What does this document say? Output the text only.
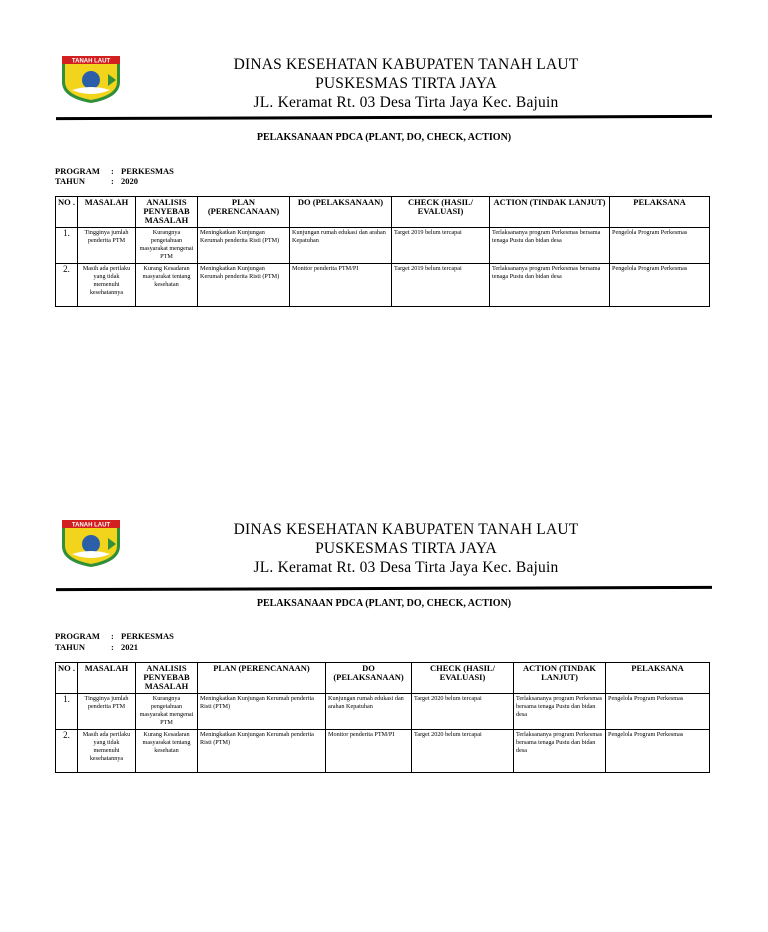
TANAH LAUT	DINAS KESEHATAN KABUPATEN TANAH LAUT
PUSKESMAS TIRTA JAYA
JL. Keramat Rt. 03 Desa Tirta Jaya Kec. Bajuin
PELAKSANAAN PDCA (PLANT, DO, CHECK, ACTION)
PROGRAM : PERKESMAS
TAHUN	: 2020
NO .	MASALAH	ANALISIS PENYEBAB MASALAH	PLAN (PERENCANAAN)	DO (PELAKSANAAN)	CHECK (HASIL/ EVALUASI)	ACTION (TINDAK LANJUT)	PELAKSANA
1.	Tingginya jumlah penderita PTM	Kurangnya pengetahuan masyarakat mengenai PTM	Meningkatkan Kunjungan Kerumah penderita Risti (PTM)	Kunjungan rumah edukasi dan arahan Kepatuhan	Target 2019 belum tercapai	Terlaksananya program Perkesmas bersama tenaga Pustu dan bidan desa	Pengelola Program Perkesmas
2.	Masih ada perilaku yang tidak memenuhi kesehatannya	Kurang Kesadaran masyarakat tentang kesehatan	Meningkatkan Kunjungan Kerumah penderita Risti (PTM)	Monitor penderita PTM/PI	Target 2019 belum tercapai	Terlaksananya program Perkesmas bersama tenaga Pustu dan bidan desa	Pengelola Program Perkesmas
TANAH LAUT	DINAS KESEHATAN KABUPATEN TANAH LAUT
PUSKESMAS TIRTA JAYA
JL. Keramat Rt. 03 Desa Tirta Jaya Kec. Bajuin
PELAKSANAAN PDCA (PLANT, DO, CHECK, ACTION)
PROGRAM : PERKESMAS
TAHUN	: 2021
NO .	MASALAH	ANALISIS PENYEBAB MASALAH	PLAN (PERENCANAAN)	DO (PELAKSANAAN)	CHECK (HASIL/ EVALUASI)	ACTION (TINDAK LANJUT)	PELAKSANA
1.	Tingginya jumlah penderita PTM	Kurangnya pengetahuan masyarakat mengenai PTM	Meningkatkan Kunjungan Kerumah penderita Risti (PTM)	Kunjungan rumah edukasi dan arahan Kepatuhan	Target 2020 belum tercapai	Terlaksananya program Perkesmas bersama tenaga Pustu dan bidan desa	Pengelola Program Perkesmas
2.	Masih ada perilaku yang tidak memenuhi kesehatannya	Kurang Kesadaran masyarakat tentang kesehatan	Meningkatkan Kunjungan Kerumah penderita Risti (PTM)	Monitor penderita PTM/PI	Target 2020 belum tercapai	Terlaksananya program Perkesmas bersama tenaga Pustu dan bidan desa	Pengelola Program Perkesmas
